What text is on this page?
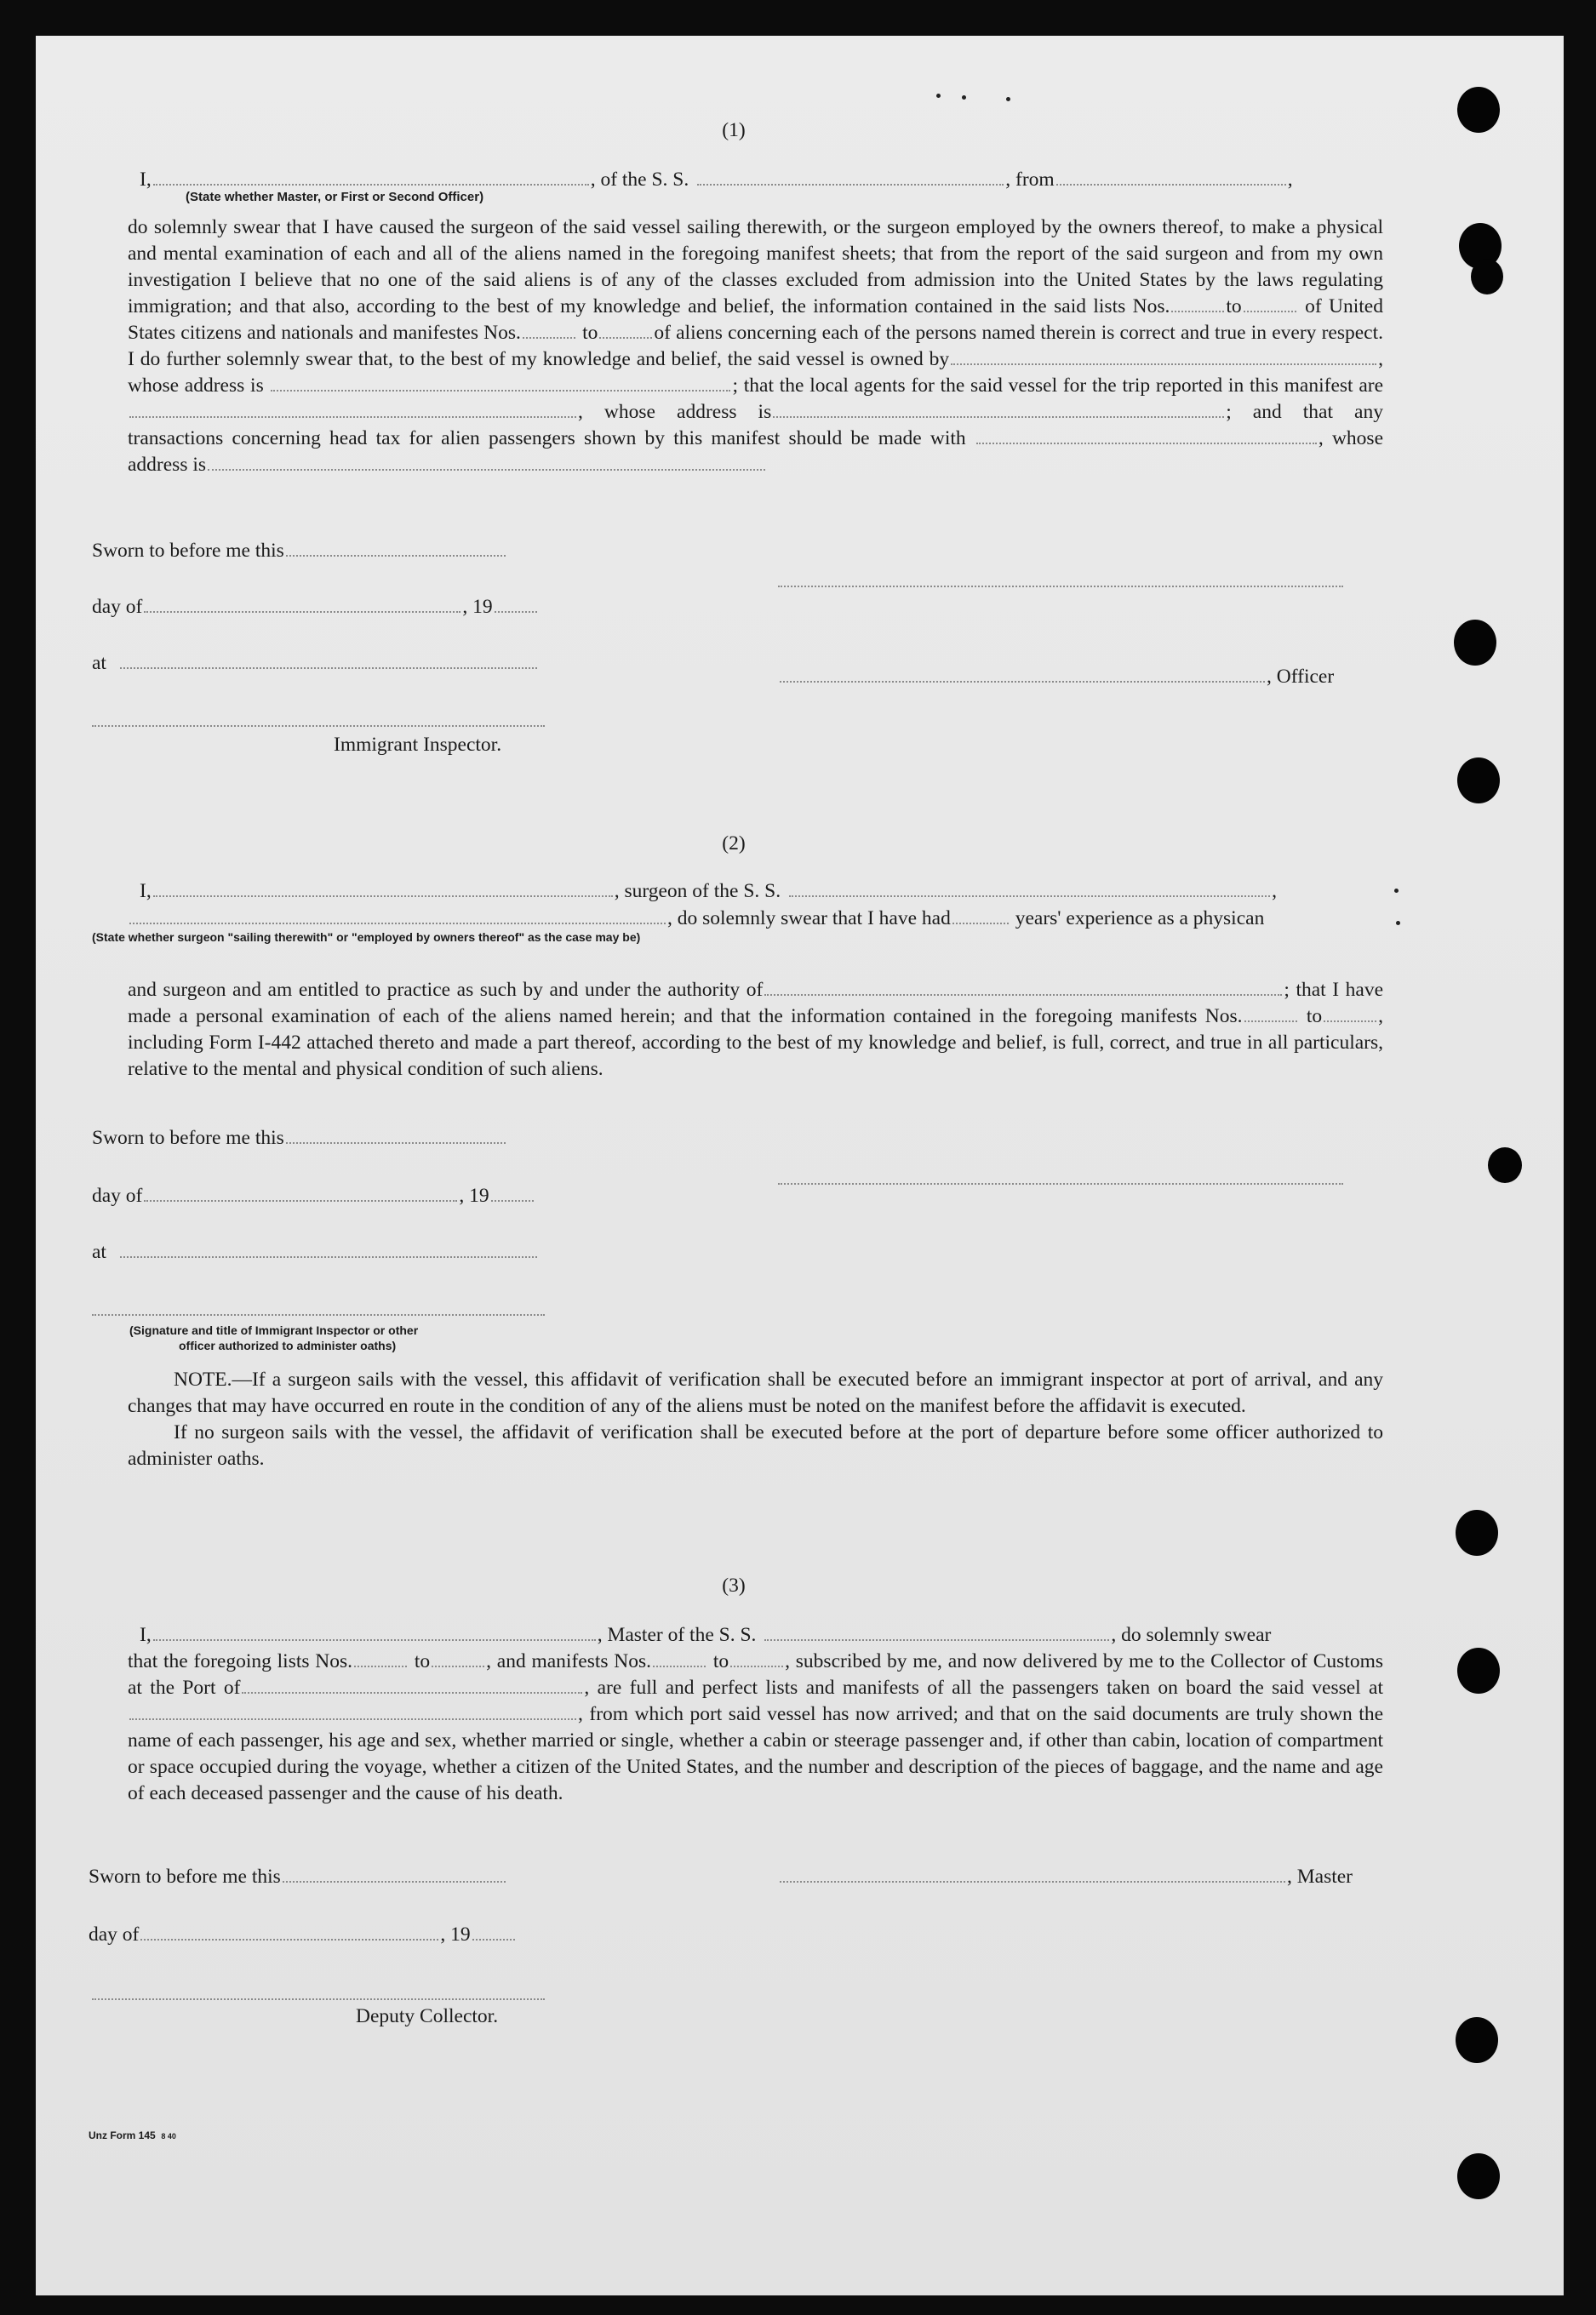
(1)
I,	, of the S. S.	, from	,
(State whether Master, or First or Second Officer)

do solemnly swear that I have caused the surgeon of the said vessel sailing therewith, or the surgeon employed by the owners thereof, to make a physical and mental examination of each and all of the aliens named in the foregoing manifest sheets; that from the report of the said surgeon and from my own investigation I believe that no one of the said aliens is of any of the classes excluded from admission into the United States by the laws regulating immigration; and that also, according to the best of my knowledge and belief, the information contained in the said lists Nos.	to	of United States citizens and nationals and manifestes Nos.	to	of aliens concerning each of the persons named therein is correct and true in every respect. I do further solemnly swear that, to the best of my knowledge and belief, the said vessel is owned by	, whose address is	; that the local agents for the said vessel for the trip reported in this manifest are , whose address is	; and that any transactions concerning head tax for alien passengers shown by this manifest should be made with	, whose address is

Sworn to before me this
day of	, 19
at
, Officer
Immigrant Inspector.
(2)
I,	, surgeon of the S. S.	,
, do solemnly swear that I have had	years' experience as a physican
(State whether surgeon "sailing therewith" or "employed by owners thereof" as the case may be)

and surgeon and am entitled to practice as such by and under the authority of	; that I have made a personal examination of each of the aliens named herein; and that the information contained in the foregoing manifests Nos.	to	, including Form I-442 attached thereto and made a part thereof, according to the best of my knowledge and belief, is full, correct, and true in all particulars, relative to the mental and physical condition of such aliens.

Sworn to before me this
day of	, 19
at
(Signature and title of Immigrant Inspector or other
officer authorized to administer oaths)

NOTE.—If a surgeon sails with the vessel, this affidavit of verification shall be executed before an immigrant inspector at port of arrival, and any changes that may have occurred en route in the condition of any of the aliens must be noted on the manifest before the affidavit is executed.

If no surgeon sails with the vessel, the affidavit of verification shall be executed before at the port of departure before some officer authorized to administer oaths.

(3)
I,	, Master of the S. S.	, do solemnly swear

that the foregoing lists Nos.	to	, and manifests Nos.	to	, subscribed by me, and now delivered by me to the Collector of Customs at the Port of	, are full and perfect lists and manifests of all the passengers taken on board the said vessel at, from which port said vessel has now arrived; and that on the said documents are truly shown the name of each passenger, his age and sex, whether married or single, whether a cabin or steerage passenger and, if other than cabin, location of compartment or space occupied during the voyage, whether a citizen of the United States, and the number and description of the pieces of baggage, and the name and age of each deceased passenger and the cause of his death.

Sworn to before me this	, Master
day of	, 19
Deputy Collector.
Unz Form 145 8 40
